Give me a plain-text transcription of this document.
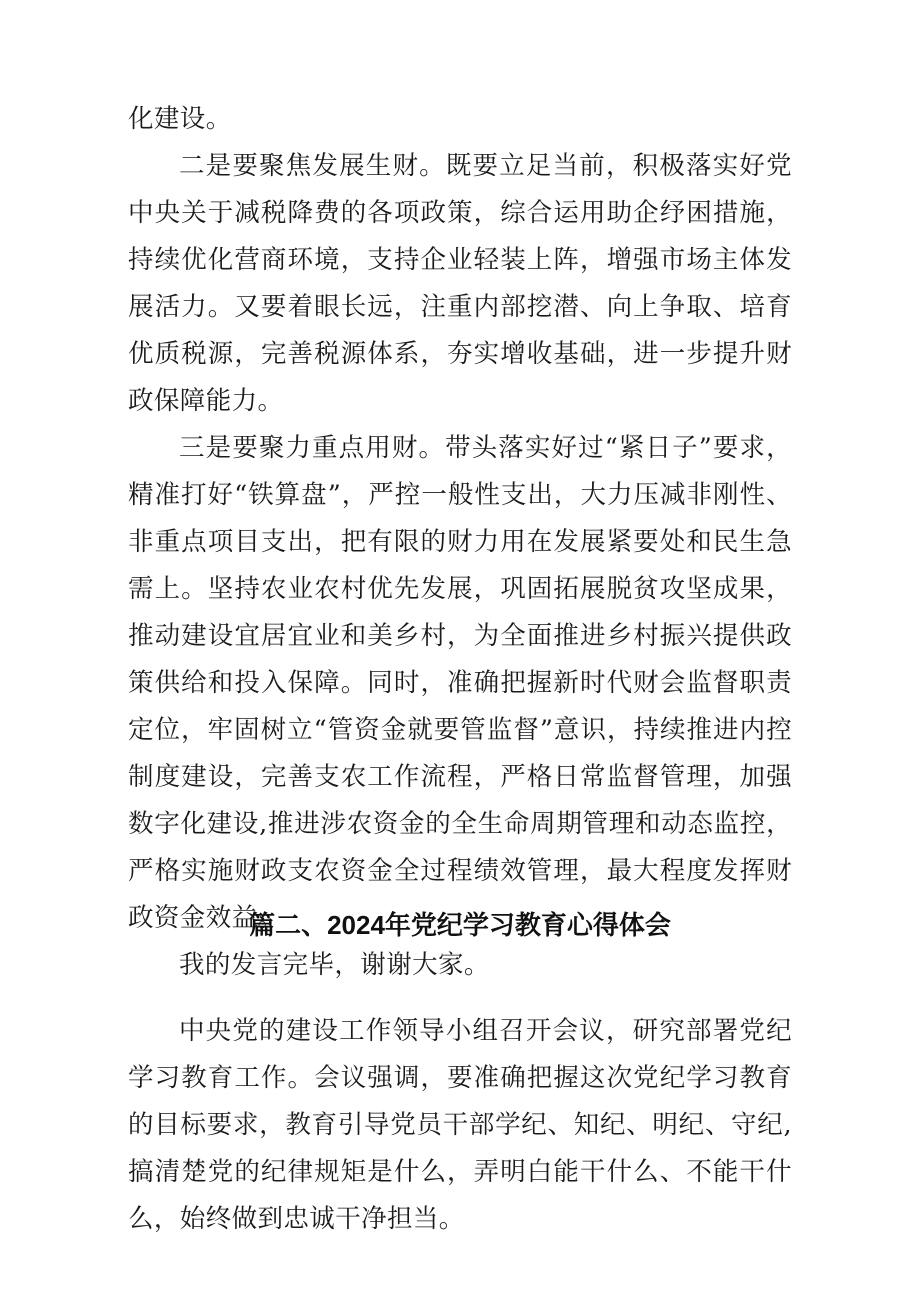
化建设。

二是要聚焦发展生财。既要立足当前，积极落实好党中央关于减税降费的各项政策，综合运用助企纾困措施，持续优化营商环境，支持企业轻装上阵，增强市场主体发展活力。又要着眼长远，注重内部挖潜、向上争取、培育优质税源，完善税源体系，夯实增收基础，进一步提升财政保障能力。

三是要聚力重点用财。带头落实好过“紧日子”要求，精准打好“铁算盘”，严控一般性支出，大力压减非刚性、非重点项目支出，把有限的财力用在发展紧要处和民生急需上。坚持农业农村优先发展，巩固拓展脱贫攻坚成果，推动建设宜居宜业和美乡村，为全面推进乡村振兴提供政策供给和投入保障。同时，准确把握新时代财会监督职责定位，牢固树立“管资金就要管监督”意识，持续推进内控制度建设，完善支农工作流程，严格日常监督管理，加强数字化建设,推进涉农资金的全生命周期管理和动态监控，严格实施财政支农资金全过程绩效管理，最大程度发挥财政资金效益。

我的发言完毕，谢谢大家。

篇二、2024年党纪学习教育心得体会

中央党的建设工作领导小组召开会议，研究部署党纪学习教育工作。会议强调，要准确把握这次党纪学习教育的目标要求，教育引导党员干部学纪、知纪、明纪、守纪,搞清楚党的纪律规矩是什么，弄明白能干什么、不能干什么，始终做到忠诚干净担当。
